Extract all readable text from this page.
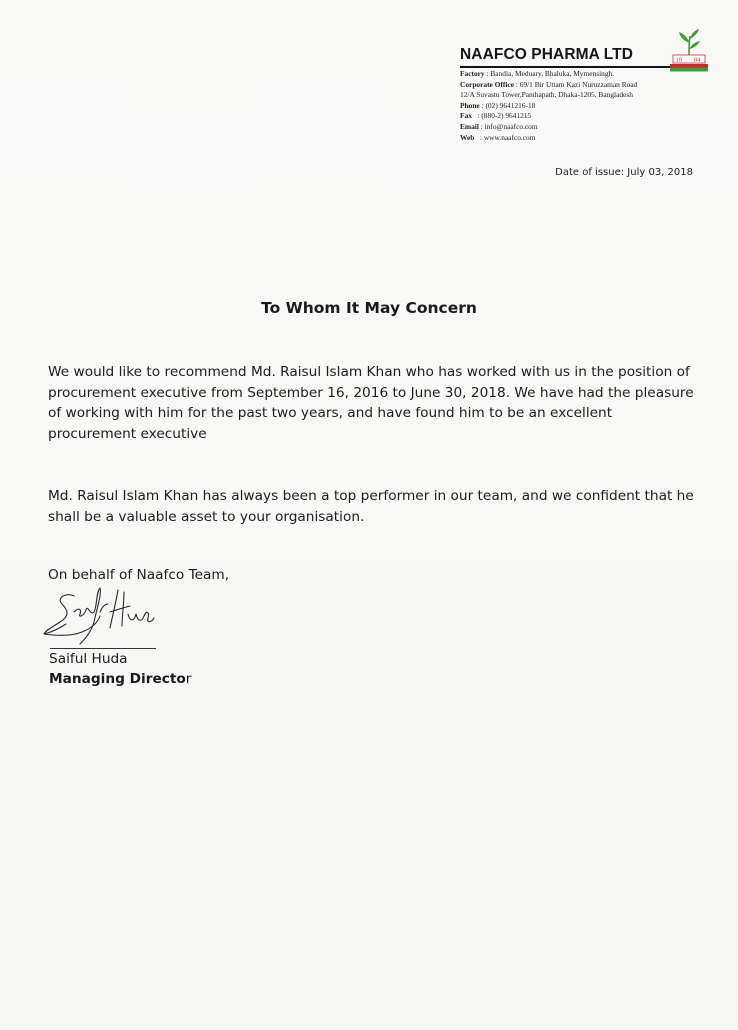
NAAFCO PHARMA LTD	19 84
Factory : Bandia, Meduary, Bhaluka, Mymensingh.
Corporate Office : 69/1 Bir Uttam Kazi Nuruzzaman Road
12/A Suvastu Tower,Panthapath, Dhaka-1205, Bangladesh
Phone : (02) 9641216-18
Fax   : (880-2) 9641215
Email : info@naafco.com
Web   : www.naafco.com
Date of issue: July 03, 2018
To Whom It May Concern
We would like to recommend Md. Raisul Islam Khan who has worked with us in the position of procurement executive from September 16, 2016 to June 30, 2018. We have had the pleasure of working with him for the past two years, and have found him to be an excellent procurement executive
Md. Raisul Islam Khan has always been a top performer in our team, and we confident that he shall be a valuable asset to your organisation.
On behalf of Naafco Team,
Saiful Huda
Managing Director
